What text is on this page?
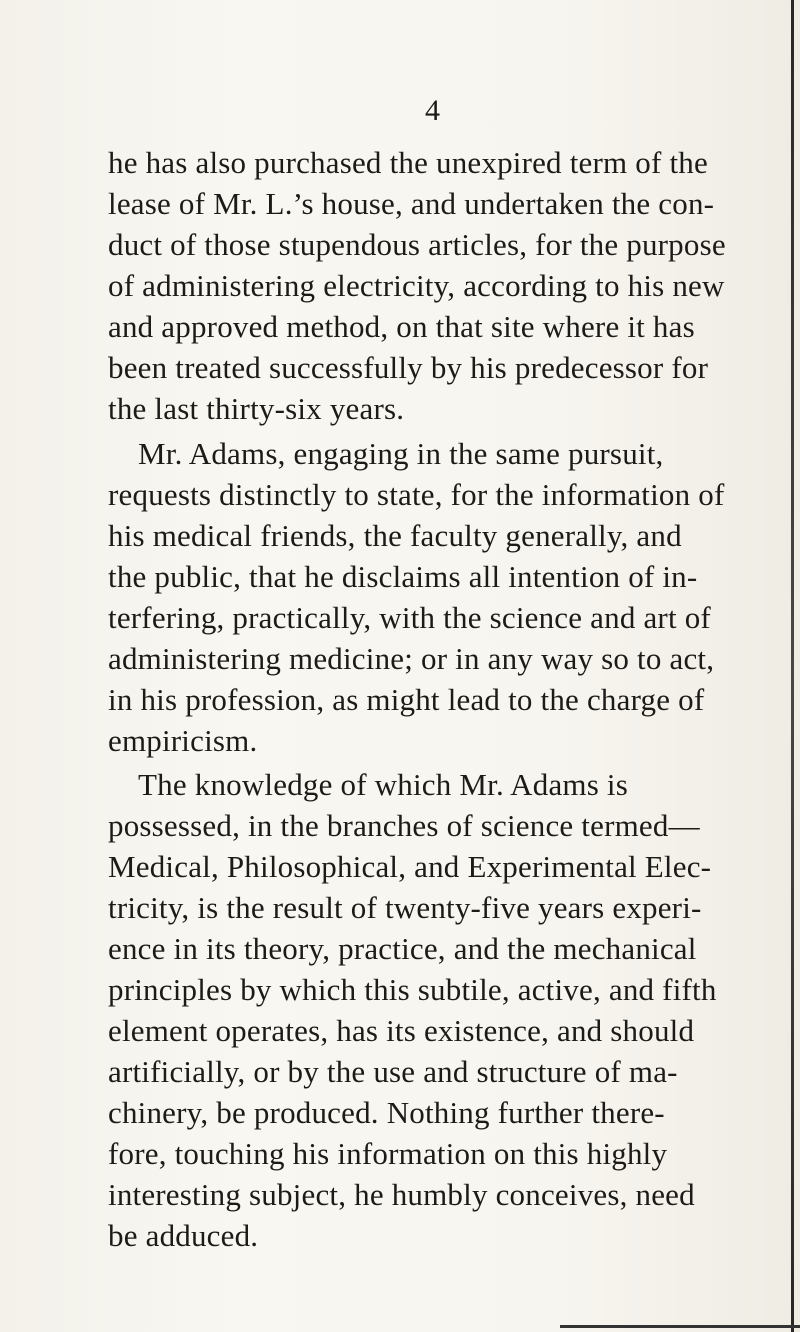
4
he has also purchased the unexpired term of the
lease of Mr. L.’s house, and undertaken the con-
duct of those stupendous articles, for the purpose
of administering electricity, according to his new
and approved method, on that site where it has
been treated successfully by his predecessor for
the last thirty-six years.
Mr. Adams, engaging in the same pursuit,
requests distinctly to state, for the information of
his medical friends, the faculty generally, and
the public, that he disclaims all intention of in-
terfering, practically, with the science and art of
administering medicine; or in any way so to act,
in his profession, as might lead to the charge of
empiricism.
The knowledge of which Mr. Adams is
possessed, in the branches of science termed—
Medical, Philosophical, and Experimental Elec-
tricity, is the result of twenty-five years experi-
ence in its theory, practice, and the mechanical
principles by which this subtile, active, and fifth
element operates, has its existence, and should
artificially, or by the use and structure of ma-
chinery, be produced. Nothing further there-
fore, touching his information on this highly
interesting subject, he humbly conceives, need
be adduced.
